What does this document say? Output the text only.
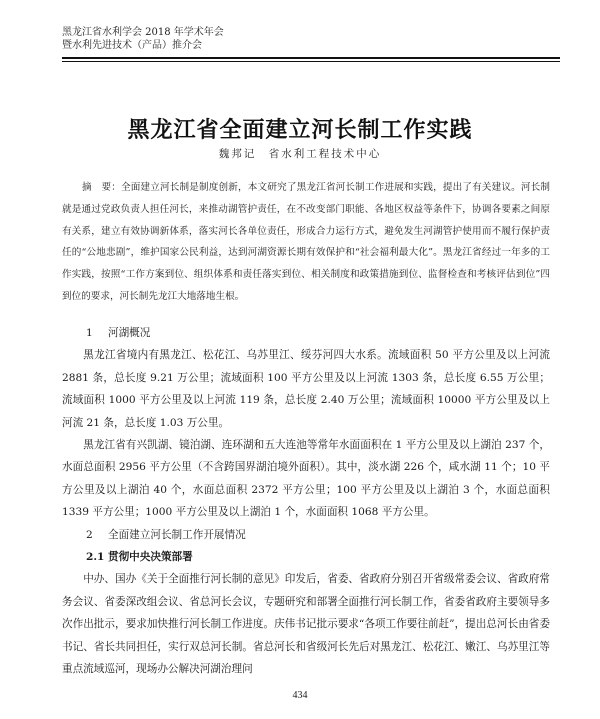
黑龙江省水利学会 2018 年学术年会
暨水利先进技术（产品）推介会
黑龙江省全面建立河长制工作实践
魏邦记　省水利工程技术中心
摘　要：全面建立河长制是制度创新，本文研究了黑龙江省河长制工作进展和实践，提出了有关建议。河长制就是通过党政负责人担任河长，来推动湖管护责任，在不改变部门职能、各地区权益等条件下，协调各要素之间原有关系，建立有效协调新体系，落实河长各单位责任，形成合力运行方式，避免发生河湖管护使用而不履行保护责任的“公地悲剧”，维护国家公民利益，达到河湖资源长期有效保护和“社会福利最大化”。黑龙江省经过一年多的工作实践，按照“工作方案到位、组织体系和责任落实到位、相关制度和政策措施到位、监督检查和考核评估到位”四到位的要求，河长制先龙江大地落地生根。
1 河湖概况

黑龙江省境内有黑龙江、松花江、乌苏里江、绥芬河四大水系。流域面积 50 平方公里及以上河流 2881 条，总长度 9.21 万公里；流域面积 100 平方公里及以上河流 1303 条，总长度 6.55 万公里；流域面积 1000 平方公里及以上河流 119 条，总长度 2.40 万公里；流域面积 10000 平方公里及以上河流 21 条，总长度 1.03 万公里。

黑龙江省有兴凯湖、镜泊湖、连环湖和五大连池等常年水面面积在 1 平方公里及以上湖泊 237 个，水面总面积 2956 平方公里（不含跨国界湖泊境外面积）。其中，淡水湖 226 个，咸水湖 11 个；10 平方公里及以上湖泊 40 个，水面总面积 2372 平方公里；100 平方公里及以上湖泊 3 个，水面总面积 1339 平方公里；1000 平方公里及以上湖泊 1 个，水面面积 1068 平方公里。

2 全面建立河长制工作开展情况
2.1 贯彻中央决策部署

中办、国办《关于全面推行河长制的意见》印发后，省委、省政府分别召开省级常委会议、省政府常务会议、省委深改组会议、省总河长会议，专题研究和部署全面推行河长制工作，省委省政府主要领导多次作出批示，要求加快推行河长制工作进度。庆伟书记批示要求“各项工作要往前赶”，提出总河长由省委书记、省长共同担任，实行双总河长制。省总河长和省级河长先后对黑龙江、松花江、嫩江、乌苏里江等重点流域巡河，现场办公解决河湖治理问

434
